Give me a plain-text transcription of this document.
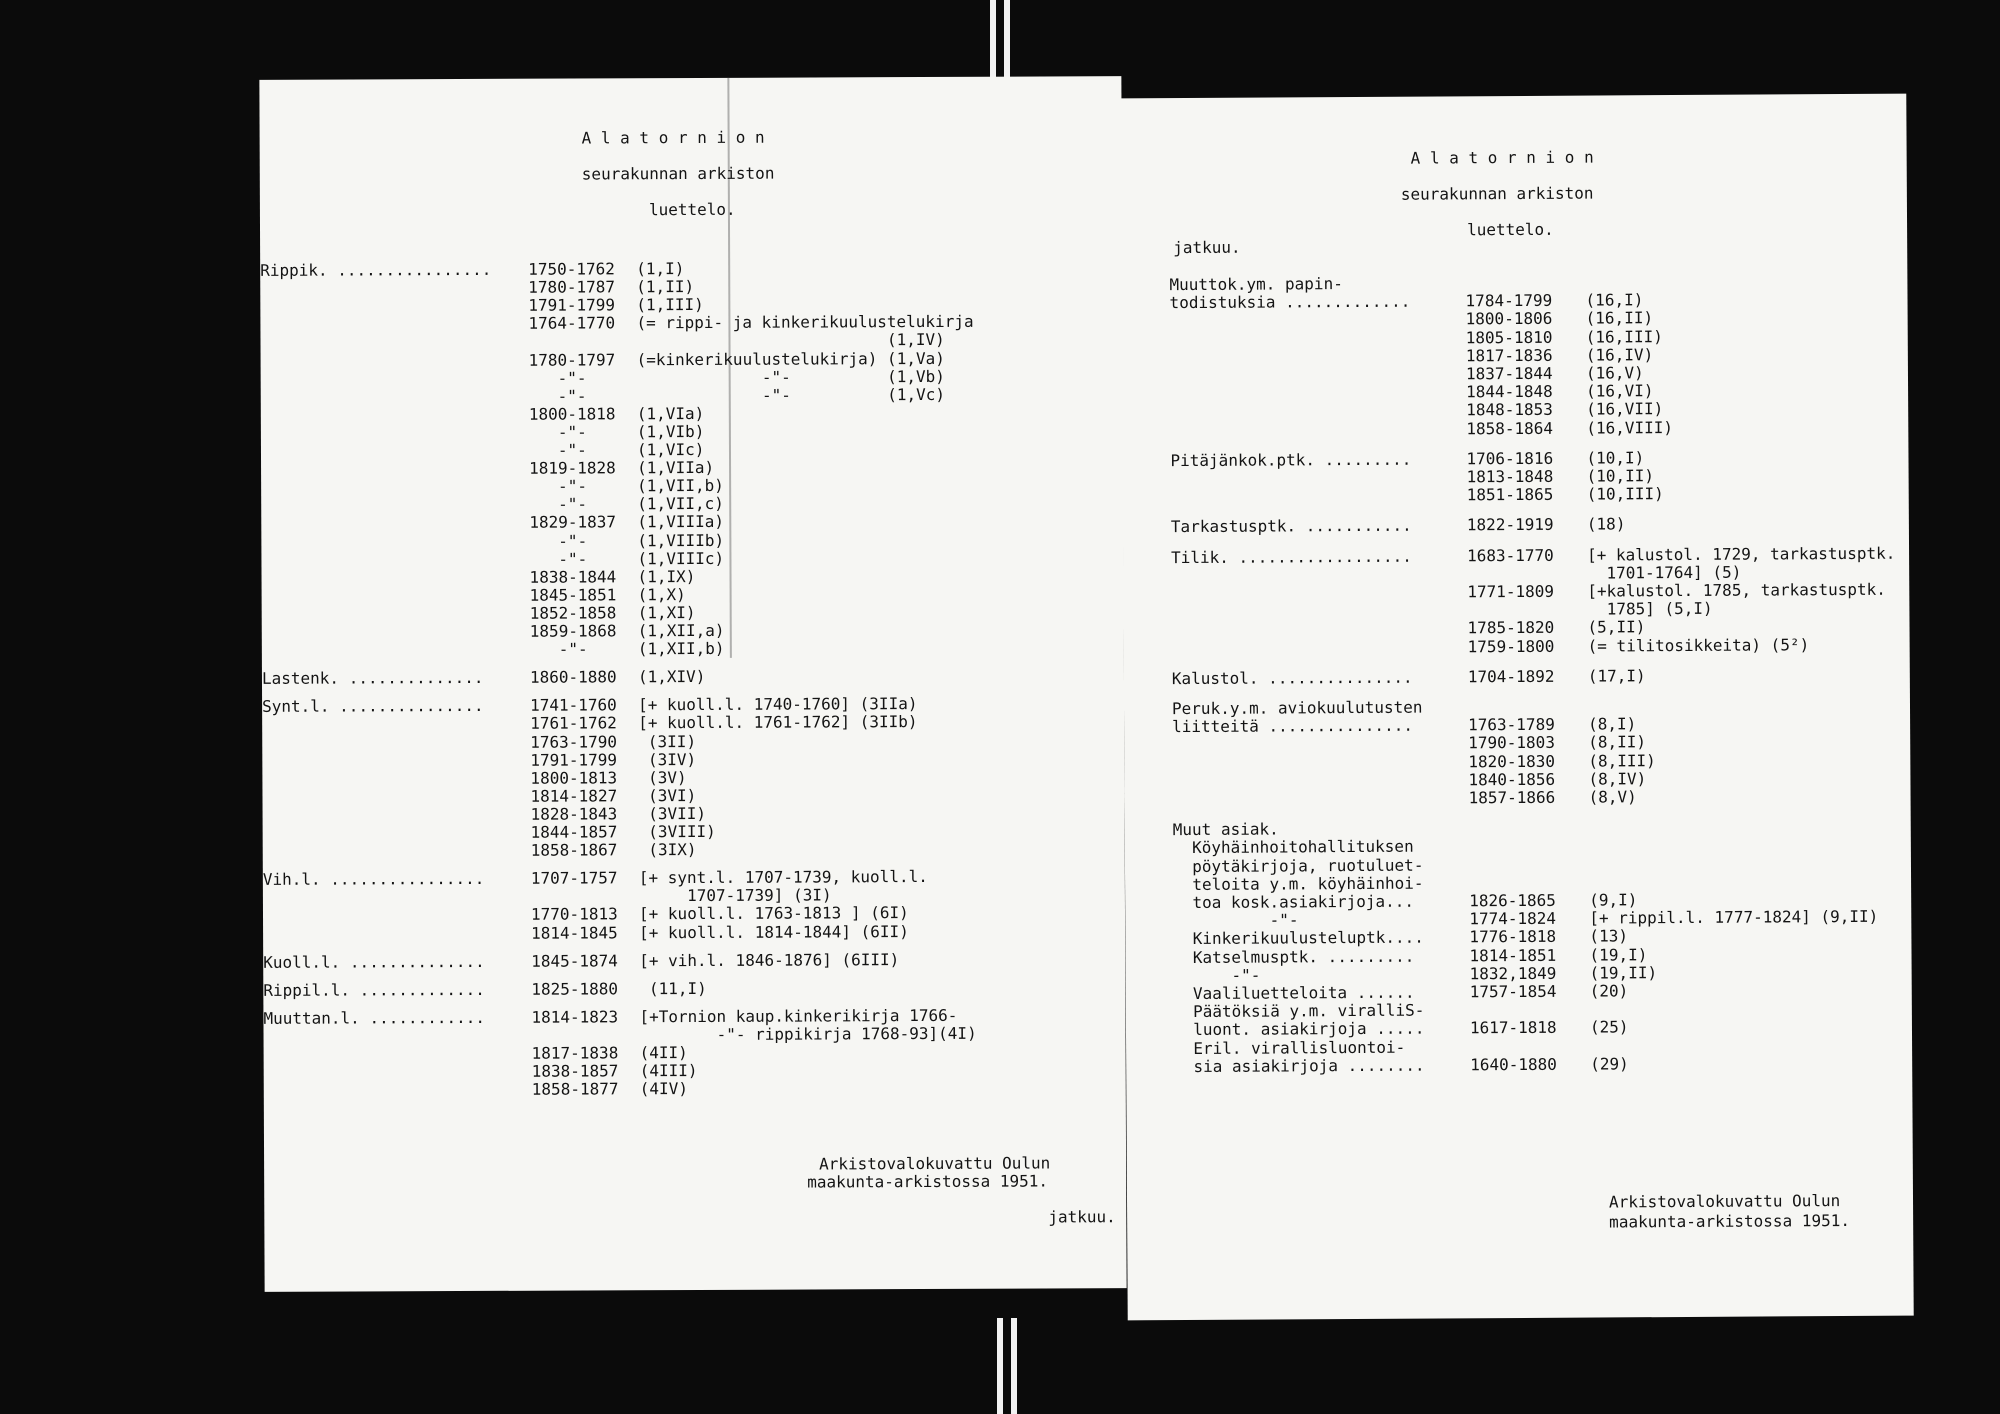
A l a t o r n i o n
seurakunnan arkiston
luettelo.
Rippik. ................ 1750-1762 (1,I)
1780-1787 (1,II)
1791-1799 (1,III)
1764-1770 (= rippi- ja kinkerikuulustelukirja
(1,IV)
1780-1797 (=kinkerikuulustelukirja) (1,Va)
-"-	-"-          (1,Vb)
-"-	-"-          (1,Vc)
1800-1818 (1,VIa)
-"-	(1,VIb)
-"-	(1,VIc)
1819-1828 (1,VIIa)
-"-	(1,VII,b)
-"-	(1,VII,c)
1829-1837 (1,VIIIa)
-"-	(1,VIIIb)
-"-	(1,VIIIc)
1838-1844 (1,IX)
1845-1851 (1,X)
1852-1858 (1,XI)
1859-1868 (1,XII,a)
-"-	(1,XII,b)
Lastenk. ..............	1860-1880 (1,XIV)
Synt.l. ...............	1741-1760 [+ kuoll.l. 1740-1760] (3IIa)
1761-1762 [+ kuoll.l. 1761-1762] (3IIb)
1763-1790 (3II)
1791-1799 (3IV)
1800-1813 (3V)
1814-1827 (3VI)
1828-1843 (3VII)
1844-1857 (3VIII)
1858-1867 (3IX)
Vih.l. ................	1707-1757 [+ synt.l. 1707-1739, kuoll.l.
1707-1739] (3I)
1770-1813 [+ kuoll.l. 1763-1813 ] (6I)
1814-1845 [+ kuoll.l. 1814-1844] (6II)
Kuoll.l. ..............	1845-1874 [+ vih.l. 1846-1876] (6III)
Rippil.l. .............	1825-1880 (11,I)
Muuttan.l. ............	1814-1823 [+Tornion kaup.kinkerikirja 1766-
-"- rippikirja 1768-93](4I)
1817-1838 (4II)
1838-1857 (4III)
1858-1877 (4IV)
Arkistovalokuvattu Oulun
maakunta-arkistossa 1951.
jatkuu.
A l a t o r n i o n
seurakunnan arkiston
luettelo.
jatkuu.
Muuttok.ym. papin-
todistuksia .............	1784-1799 (16,I)
1800-1806 (16,II)
1805-1810 (16,III)
1817-1836 (16,IV)
1837-1844 (16,V)
1844-1848 (16,VI)
1848-1853 (16,VII)
1858-1864 (16,VIII)
Pitäjänkok.ptk. .........	1706-1816 (10,I)
1813-1848 (10,II)
1851-1865 (10,III)
Tarkastusptk. ...........	1822-1919 (18)
Tilik. ..................	1683-1770 [+ kalustol. 1729, tarkastusptk.
1701-1764] (5)
1771-1809 [+kalustol. 1785, tarkastusptk.
1785] (5,I)
1785-1820 (5,II)
1759-1800 (= tilitosikkeita) (5²)
Kalustol. ...............	1704-1892 (17,I)
Peruk.y.m. aviokuulutusten
liitteitä ...............	1763-1789 (8,I)
1790-1803 (8,II)
1820-1830 (8,III)
1840-1856 (8,IV)
1857-1866 (8,V)
Muut asiak.
Köyhäinhoitohallituksen
pöytäkirjoja, ruotuluet-
teloita y.m. köyhäinhoi-
toa kosk.asiakirjoja...	1826-1865 (9,I)
-"-	1774-1824 [+ rippil.l. 1777-1824] (9,II)
Kinkerikuulusteluptk....	1776-1818 (13)
Katselmusptk. .........	1814-1851 (19,I)
-"-	1832,1849 (19,II)
Vaaliluetteloita ......	1757-1854 (20)
Päätöksiä y.m. viralliS-
luont. asiakirjoja .....	1617-1818 (25)
Eril. virallisluontoi-
sia asiakirjoja ........	1640-1880 (29)
Arkistovalokuvattu Oulun
maakunta-arkistossa 1951.
